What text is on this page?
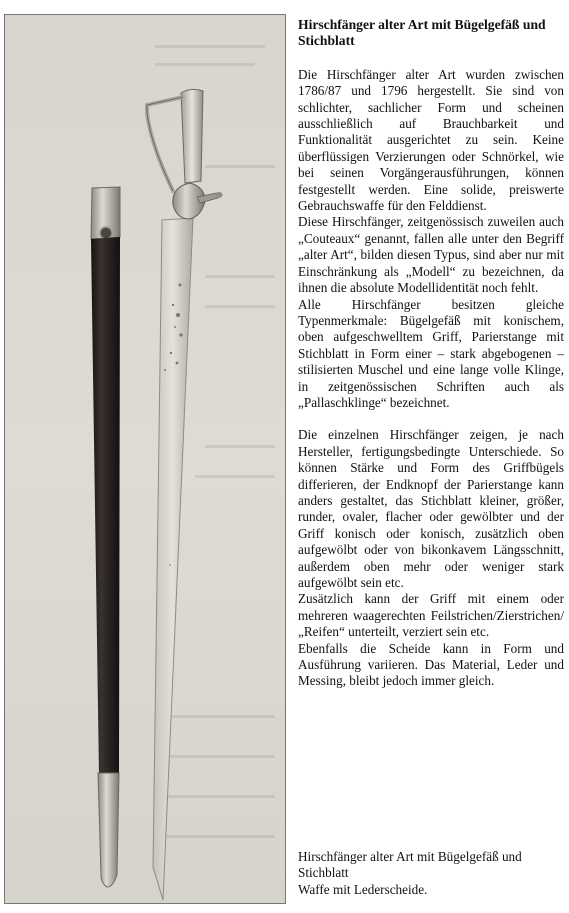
Hirschfänger alter Art mit Bügelgefäß und Stichblatt

Die Hirschfänger alter Art wurden zwischen 1786/87 und 1796 hergestellt. Sie sind von schlichter, sachlicher Form und scheinen ausschließlich auf Brauchbarkeit und Funktionalität ausgerichtet zu sein. Keine überflüssigen Verzierungen oder Schnörkel, wie bei seinen Vorgängerausführungen, können festgestellt werden. Eine solide, preiswerte Gebrauchswaffe für den Felddienst.

Diese Hirschfänger, zeitgenössisch zuweilen auch „Couteaux“ genannt, fallen alle unter den Begriff „alter Art“, bilden diesen Typus, sind aber nur mit Einschränkung als „Modell“ zu bezeichnen, da ihnen die absolute Modellidentität noch fehlt.

Alle Hirschfänger besitzen gleiche Typenmerkmale: Bügelgefäß mit konischem, oben aufgeschwelltem Griff, Parierstange mit Stichblatt in Form einer – stark abgebogenen – stilisierten Muschel und eine lange volle Klinge, in zeitgenössischen Schriften auch als „Pallaschklinge“ bezeichnet.

Die einzelnen Hirschfänger zeigen, je nach Hersteller, fertigungsbedingte Unterschiede. So können Stärke und Form des Griffbügels differieren, der Endknopf der Parierstange kann anders gestaltet, das Stichblatt kleiner, größer, runder, ovaler, flacher oder gewölbter und der Griff konisch oder konisch, zusätzlich oben aufgewölbt oder von bikonkavem Längsschnitt, außerdem oben mehr oder weniger stark aufgewölbt sein etc.

Zusätzlich kann der Griff mit einem oder mehreren waagerechten Feilstrichen/Zierstrichen/„Reifen“ unterteilt, verziert sein etc.

Ebenfalls die Scheide kann in Form und Ausführung variieren. Das Material, Leder und Messing, bleibt jedoch immer gleich.

Hirschfänger alter Art mit Bügelgefäß und Stichblatt

Waffe mit Lederscheide.
